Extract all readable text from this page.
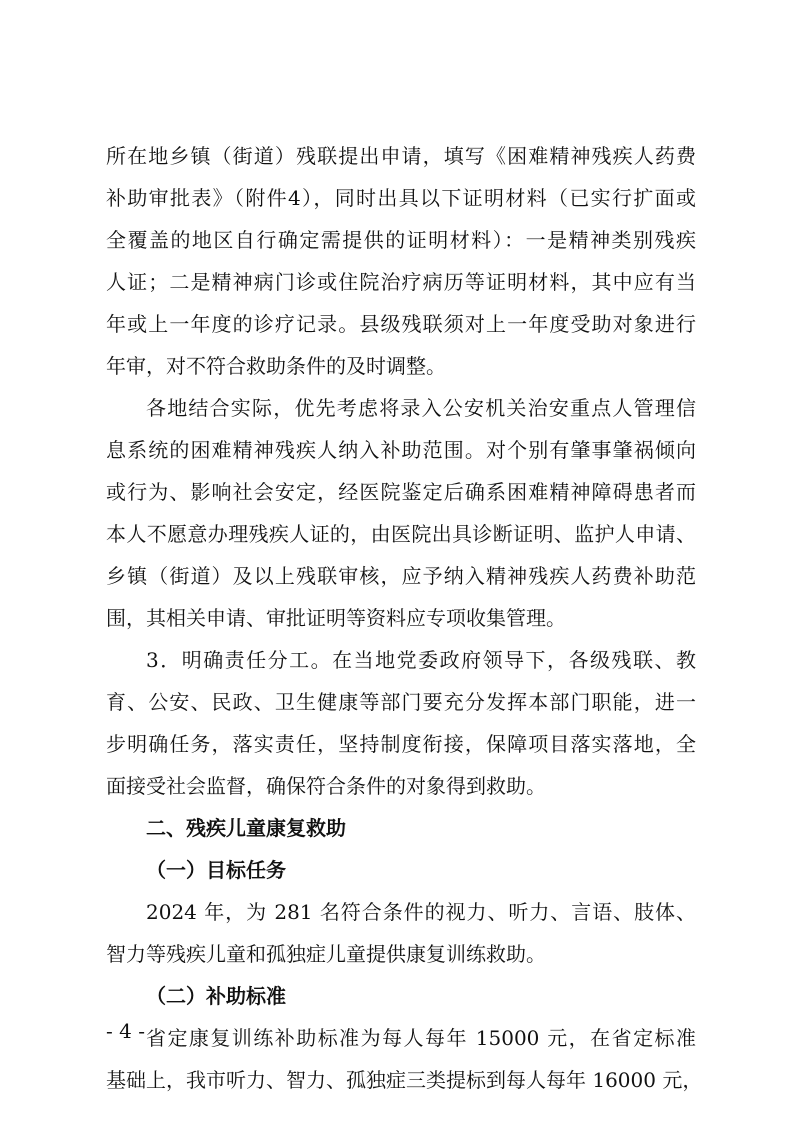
所在地乡镇（街道）残联提出申请，填写《困难精神残疾人药费
补助审批表》（附件4），同时出具以下证明材料（已实行扩面或
全覆盖的地区自行确定需提供的证明材料）：一是精神类别残疾
人证；二是精神病门诊或住院治疗病历等证明材料，其中应有当
年或上一年度的诊疗记录。县级残联须对上一年度受助对象进行
年审，对不符合救助条件的及时调整。
各地结合实际，优先考虑将录入公安机关治安重点人管理信
息系统的困难精神残疾人纳入补助范围。对个别有肇事肇祸倾向
或行为、影响社会安定，经医院鉴定后确系困难精神障碍患者而
本人不愿意办理残疾人证的，由医院出具诊断证明、监护人申请、
乡镇（街道）及以上残联审核，应予纳入精神残疾人药费补助范
围，其相关申请、审批证明等资料应专项收集管理。
3．明确责任分工。在当地党委政府领导下，各级残联、教
育、公安、民政、卫生健康等部门要充分发挥本部门职能，进一
步明确任务，落实责任，坚持制度衔接，保障项目落实落地，全
面接受社会监督，确保符合条件的对象得到救助。
二、残疾儿童康复救助
（一）目标任务
2024 年，为 281 名符合条件的视力、听力、言语、肢体、
智力等残疾儿童和孤独症儿童提供康复训练救助。
（二）补助标准
省定康复训练补助标准为每人每年 15000 元，在省定标准
基础上，我市听力、智力、孤独症三类提标到每人每年 16000 元，
- 4 -
